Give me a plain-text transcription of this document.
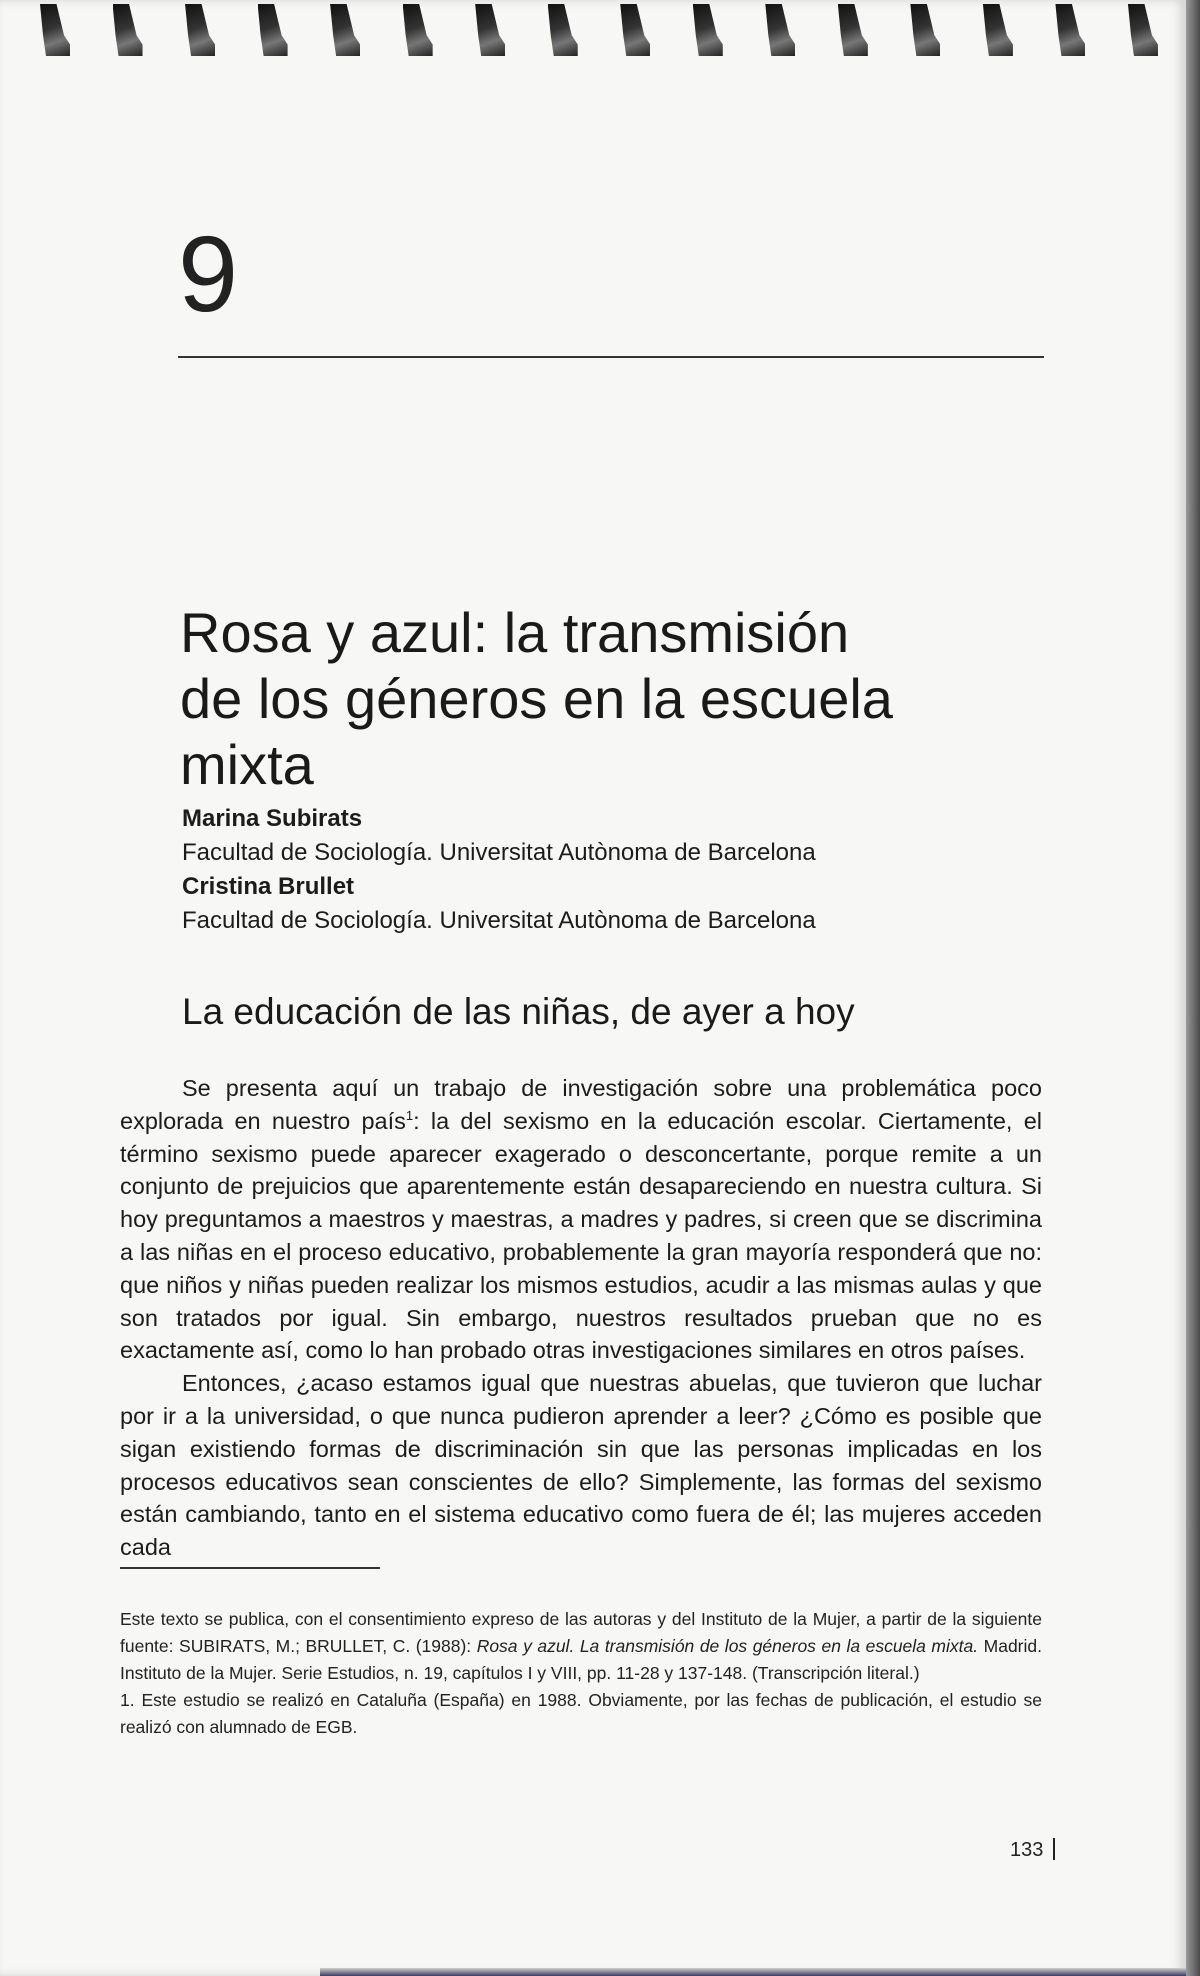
9
Rosa y azul: la transmisión
de los géneros en la escuela mixta
Marina Subirats
Facultad de Sociología. Universitat Autònoma de Barcelona
Cristina Brullet
Facultad de Sociología. Universitat Autònoma de Barcelona
La educación de las niñas, de ayer a hoy

Se presenta aquí un trabajo de investigación sobre una problemática poco explorada en nuestro país$^1$: la del sexismo en la educación escolar. Ciertamente, el término sexismo puede aparecer exagerado o desconcertante, porque remite a un conjunto de prejuicios que aparentemente están desapareciendo en nuestra cultura. Si hoy preguntamos a maestros y maestras, a madres y padres, si creen que se discrimina a las niñas en el proceso educativo, probablemente la gran mayoría responderá que no: que niños y niñas pueden realizar los mismos estudios, acudir a las mismas aulas y que son tratados por igual. Sin embargo, nuestros resultados prueban que no es exactamente así, como lo han probado otras investigaciones similares en otros países.

Entonces, ¿acaso estamos igual que nuestras abuelas, que tuvieron que luchar por ir a la universidad, o que nunca pudieron aprender a leer? ¿Cómo es posible que sigan existiendo formas de discriminación sin que las personas implicadas en los procesos educativos sean conscientes de ello? Simplemente, las formas del sexismo están cambiando, tanto en el sistema educativo como fuera de él; las mujeres acceden cada

Este texto se publica, con el consentimiento expreso de las autoras y del Instituto de la Mujer, a partir de la siguiente fuente: SUBIRATS, M.; BRULLET, C. (1988): Rosa y azul. La transmisión de los géneros en la escuela mixta. Madrid. Instituto de la Mujer. Serie Estudios, n. 19, capítulos I y VIII, pp. 11-28 y 137-148. (Transcripción literal.)

1. Este estudio se realizó en Cataluña (España) en 1988. Obviamente, por las fechas de publicación, el estudio se realizó con alumnado de EGB.

133
